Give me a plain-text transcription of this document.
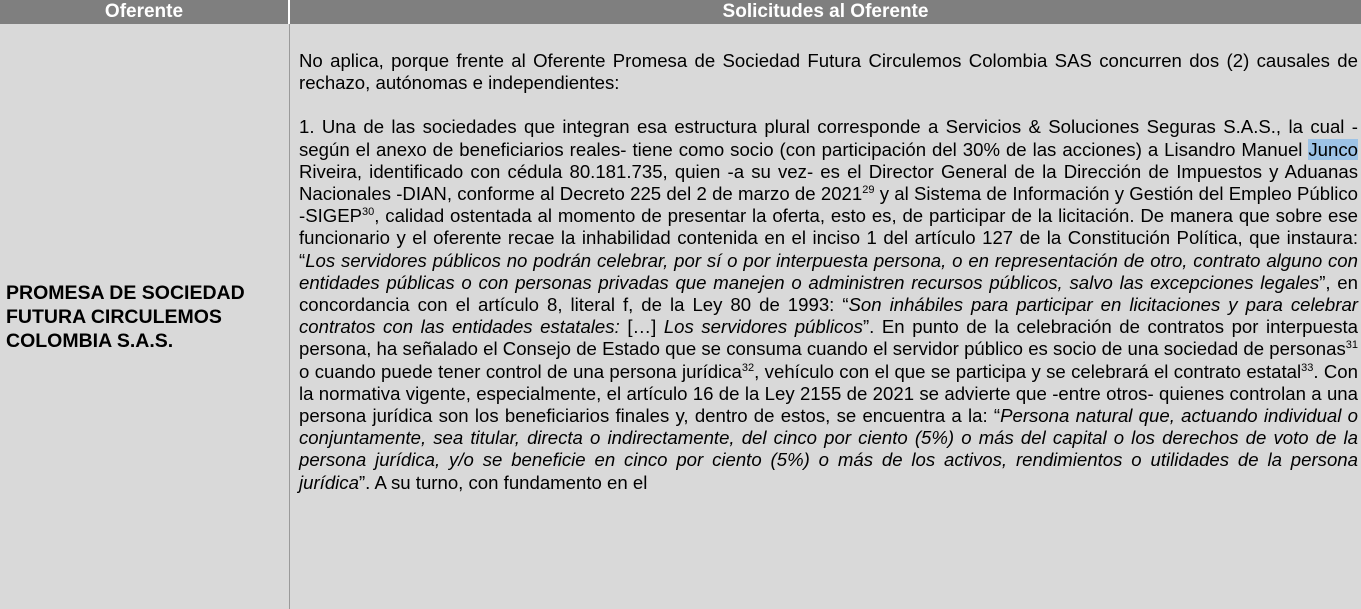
Oferente	Solicitudes al Oferente
PROMESA DE SOCIEDAD
FUTURA CIRCULEMOS
COLOMBIA S.A.S.

No aplica, porque frente al Oferente Promesa de Sociedad Futura Circulemos Colombia SAS concurren dos (2) causales de rechazo, autónomas e independientes:

1. Una de las sociedades que integran esa estructura plural corresponde a Servicios & Soluciones Seguras S.A.S., la cual -según el anexo de beneficiarios reales- tiene como socio (con participación del 30% de las acciones) a Lisandro Manuel Junco Riveira, identificado con cédula 80.181.735, quien -a su vez- es el Director General de la Dirección de Impuestos y Aduanas Nacionales -DIAN, conforme al Decreto 225 del 2 de marzo de 2021$^{29}$ y al Sistema de Información y Gestión del Empleo Público -SIGEP$^{30}$, calidad ostentada al momento de presentar la oferta, esto es, de participar de la licitación. De manera que sobre ese funcionario y el oferente recae la inhabilidad contenida en el inciso 1 del artículo 127 de la Constitución Política, que instaura: “Los servidores públicos no podrán celebrar, por sí o por interpuesta persona, o en representación de otro, contrato alguno con entidades públicas o con personas privadas que manejen o administren recursos públicos, salvo las excepciones legales”, en concordancia con el artículo 8, literal f, de la Ley 80 de 1993: “Son inhábiles para participar en licitaciones y para celebrar contratos con las entidades estatales: […] Los servidores públicos”. En punto de la celebración de contratos por interpuesta persona, ha señalado el Consejo de Estado que se consuma cuando el servidor público es socio de una sociedad de personas$^{31}$ o cuando puede tener control de una persona jurídica$^{32}$, vehículo con el que se participa y se celebrará el contrato estatal$^{33}$. Con la normativa vigente, especialmente, el artículo 16 de la Ley 2155 de 2021 se advierte que -entre otros- quienes controlan a una persona jurídica son los beneficiarios finales y, dentro de estos, se encuentra a la: “Persona natural que, actuando individual o conjuntamente, sea titular, directa o indirectamente, del cinco por ciento (5%) o más del capital o los derechos de voto de la persona jurídica, y/o se beneficie en cinco por ciento (5%) o más de los activos, rendimientos o utilidades de la persona jurídica”. A su turno, con fundamento en el
